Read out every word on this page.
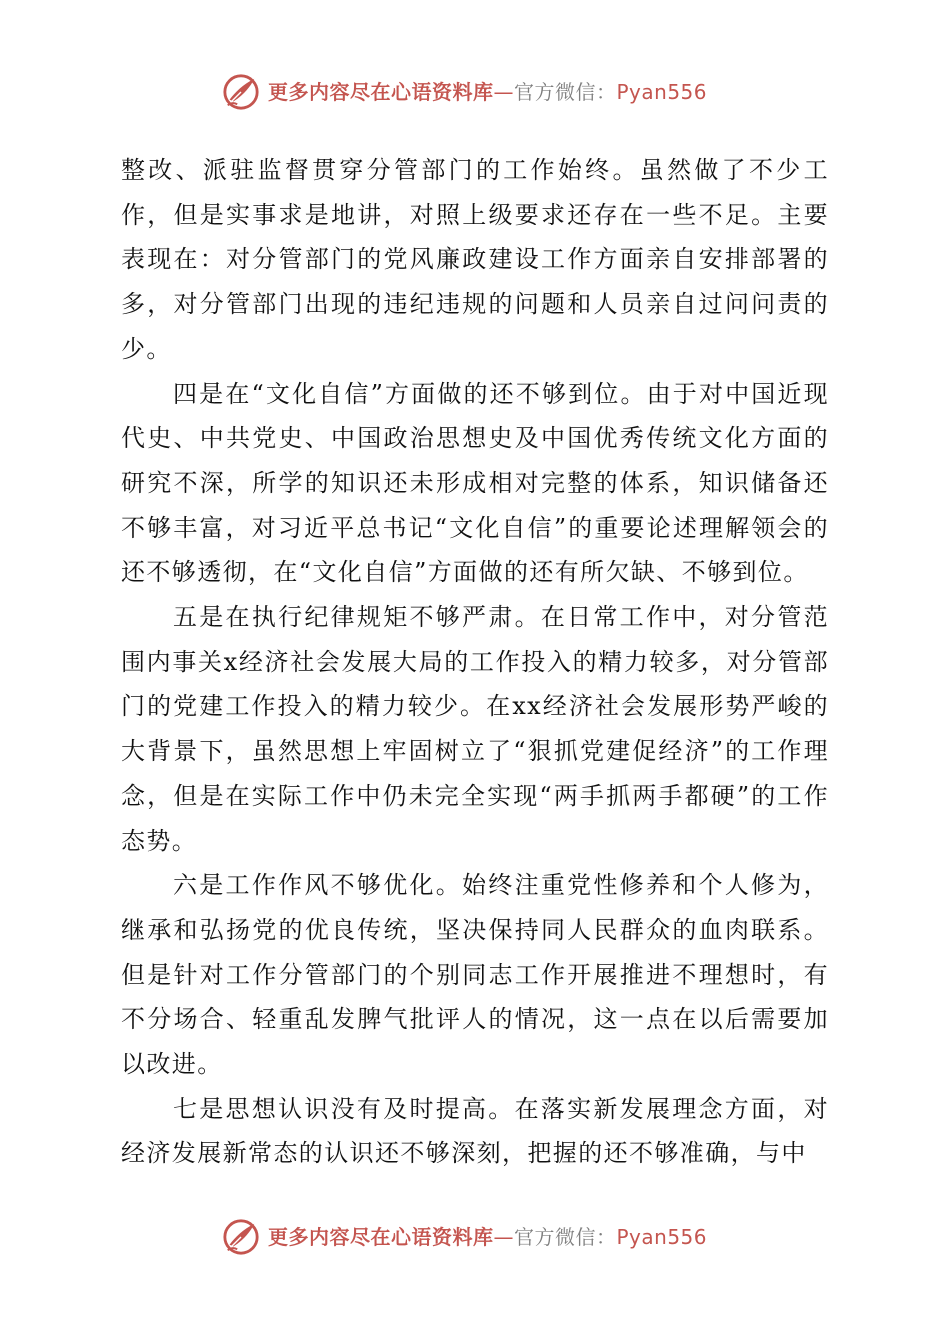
更多内容尽在心语资料库—官方微信：Pyan556

整改、派驻监督贯穿分管部门的工作始终。虽然做了不少工作，但是实事求是地讲，对照上级要求还存在一些不足。主要表现在：对分管部门的党风廉政建设工作方面亲自安排部署的多，对分管部门出现的违纪违规的问题和人员亲自过问问责的少。

四是在“文化自信”方面做的还不够到位。由于对中国近现代史、中共党史、中国政治思想史及中国优秀传统文化方面的研究不深，所学的知识还未形成相对完整的体系，知识储备还不够丰富，对习近平总书记“文化自信”的重要论述理解领会的还不够透彻，在“文化自信”方面做的还有所欠缺、不够到位。

五是在执行纪律规矩不够严肃。在日常工作中，对分管范围内事关x经济社会发展大局的工作投入的精力较多，对分管部门的党建工作投入的精力较少。在xx经济社会发展形势严峻的大背景下，虽然思想上牢固树立了“狠抓党建促经济”的工作理念，但是在实际工作中仍未完全实现“两手抓两手都硬”的工作态势。

六是工作作风不够优化。始终注重党性修养和个人修为，继承和弘扬党的优良传统，坚决保持同人民群众的血肉联系。但是针对工作分管部门的个别同志工作开展推进不理想时，有不分场合、轻重乱发脾气批评人的情况，这一点在以后需要加以改进。

七是思想认识没有及时提高。在落实新发展理念方面，对经济发展新常态的认识还不够深刻，把握的还不够准确，与中

更多内容尽在心语资料库—官方微信：Pyan556
